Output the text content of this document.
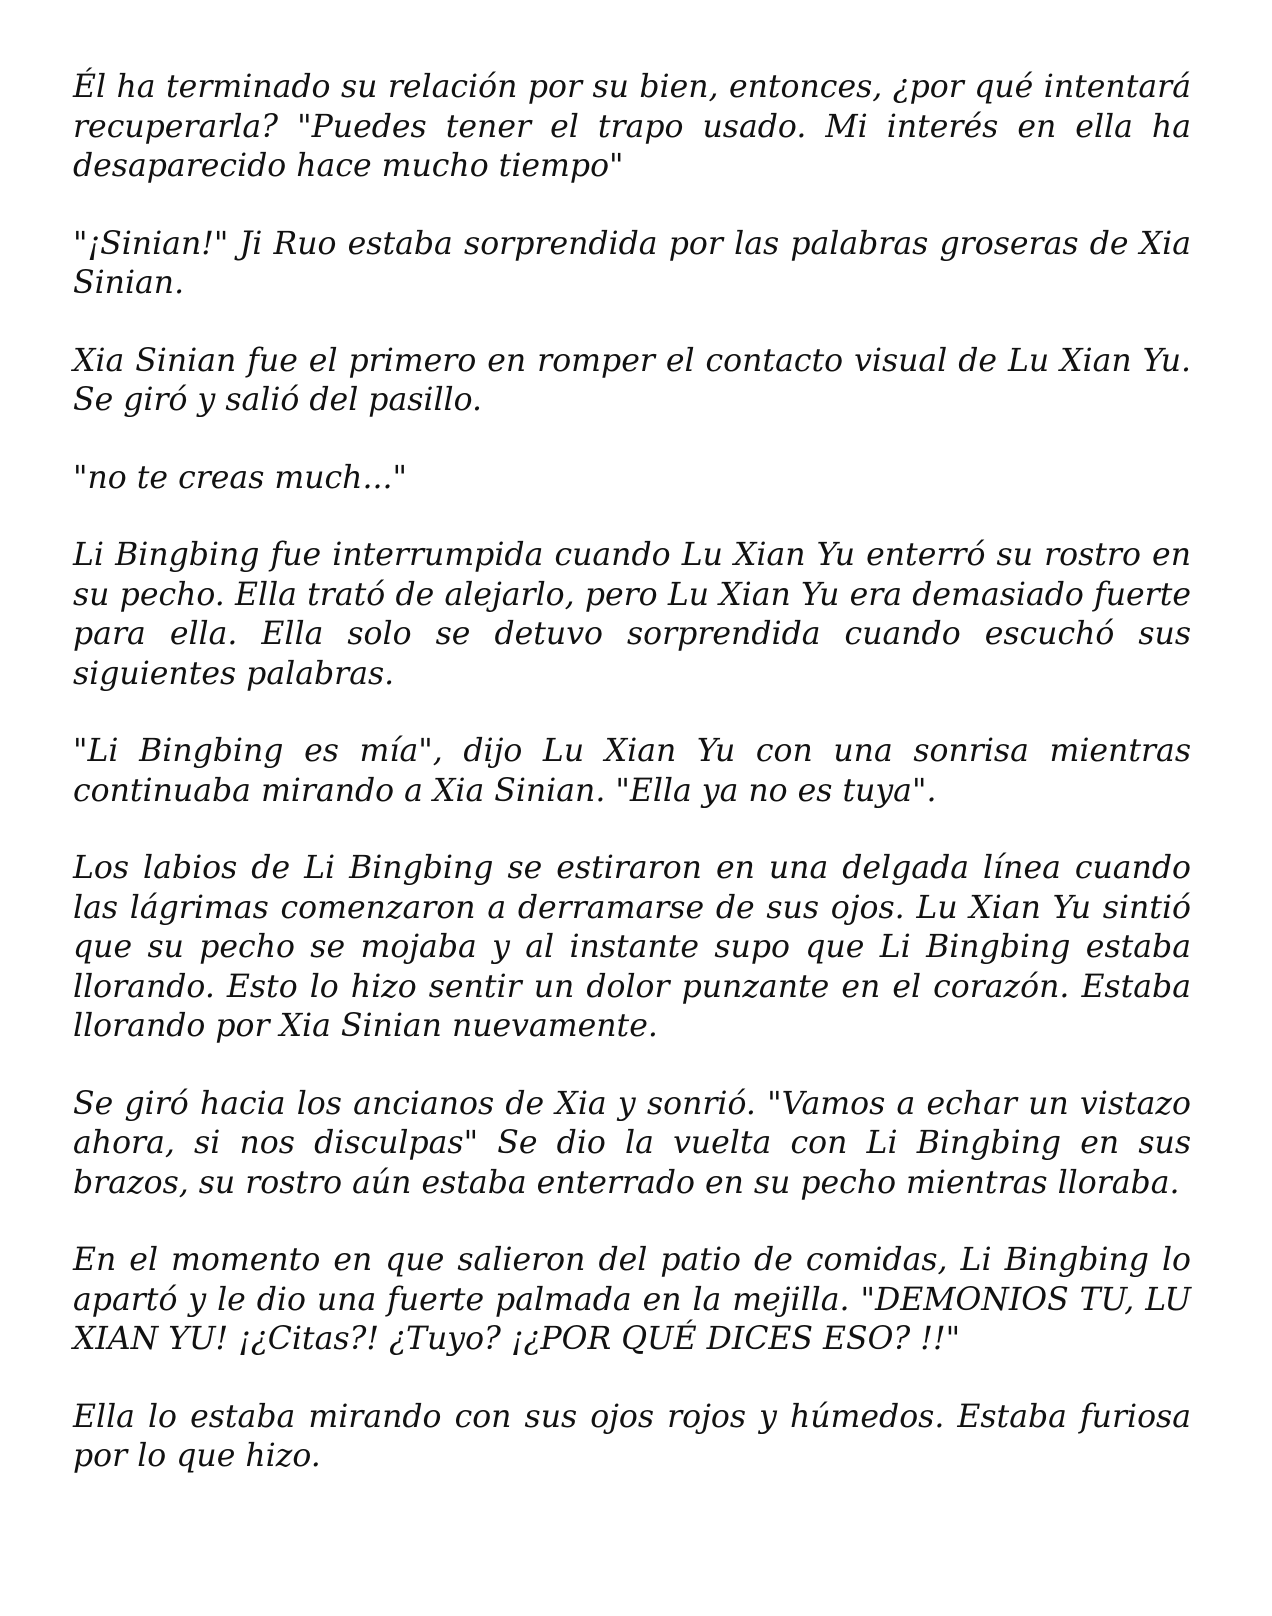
Él ha terminado su relación por su bien, entonces, ¿por qué intentará recuperarla? "Puedes tener el trapo usado. Mi interés en ella ha desaparecido hace mucho tiempo"

"¡Sinian!" Ji Ruo estaba sorprendida por las palabras groseras de Xia Sinian.

Xia Sinian fue el primero en romper el contacto visual de Lu Xian Yu. Se giró y salió del pasillo.

"no te creas much..."

Li Bingbing fue interrumpida cuando Lu Xian Yu enterró su rostro en su pecho. Ella trató de alejarlo, pero Lu Xian Yu era demasiado fuerte para ella. Ella solo se detuvo sorprendida cuando escuchó sus siguientes palabras.

"Li Bingbing es mía", dijo Lu Xian Yu con una sonrisa mientras continuaba mirando a Xia Sinian. "Ella ya no es tuya".

Los labios de Li Bingbing se estiraron en una delgada línea cuando las lágrimas comenzaron a derramarse de sus ojos. Lu Xian Yu sintió que su pecho se mojaba y al instante supo que Li Bingbing estaba llorando. Esto lo hizo sentir un dolor punzante en el corazón. Estaba llorando por Xia Sinian nuevamente.

Se giró hacia los ancianos de Xia y sonrió. "Vamos a echar un vistazo ahora, si nos disculpas" Se dio la vuelta con Li Bingbing en sus brazos, su rostro aún estaba enterrado en su pecho mientras lloraba.

En el momento en que salieron del patio de comidas, Li Bingbing lo apartó y le dio una fuerte palmada en la mejilla. "DEMONIOS TU, LU XIAN YU! ¡¿Citas?! ¿Tuyo? ¡¿POR QUÉ DICES ESO? !!"

Ella lo estaba mirando con sus ojos rojos y húmedos. Estaba furiosa por lo que hizo.
